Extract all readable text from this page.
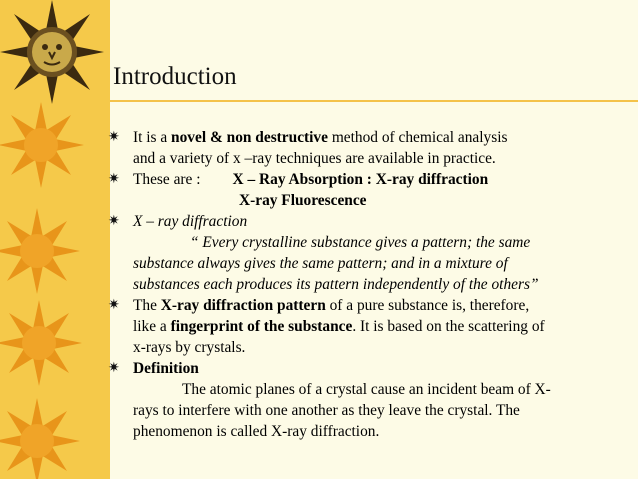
Introduction
✷ It is a novel & non destructive method of chemical analysis
and a variety of x –ray techniques are available in practice.
✷ These are : X – Ray Absorption : X-ray diffraction
X-ray Fluorescence
✷ X – ray diffraction
“ Every crystalline substance gives a pattern; the same
substance always gives the same pattern; and in a mixture of
substances each produces its pattern independently of the others”
✷ The X-ray diffraction pattern of a pure substance is, therefore,
like a fingerprint of the substance. It is based on the scattering of
x-rays by crystals.
✷ Definition
The atomic planes of a crystal cause an incident beam of X-
rays to interfere with one another as they leave the crystal. The
phenomenon is called X-ray diffraction.
